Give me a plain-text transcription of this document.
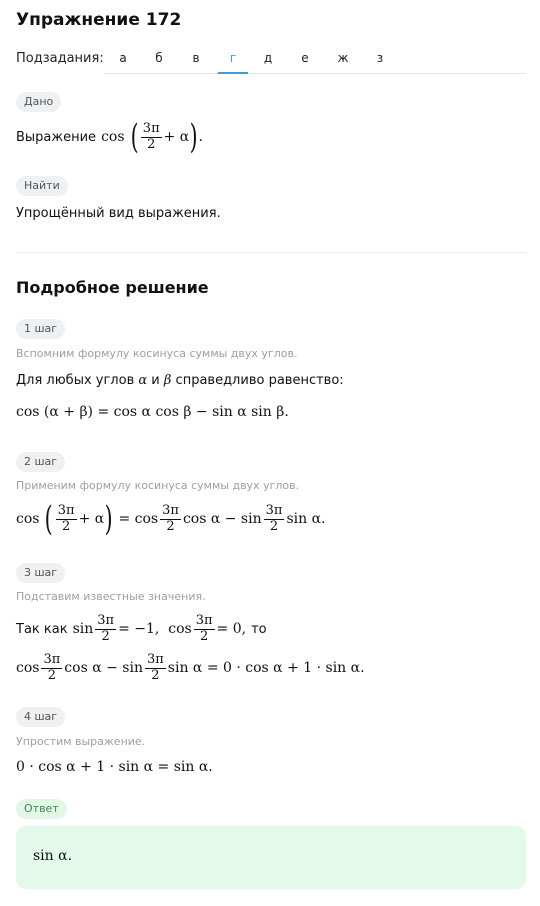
Упражнение 172
Подзадания:	а	б	в	г	д	е	ж	з
Дано
Выражение cos ( $\frac{3\pi}{2} + \alpha$ ) .
Найти
Упрощённый вид выражения.
Подробное решение
1 шаг
Вспомним формулу косинуса суммы двух углов.
Для любых углов α и β справедливо равенство:
cos (α + β) = cos α cos β − sin α sin β.
2 шаг
Применим формулу косинуса суммы двух углов.
cos ( $\frac{3\pi}{2} + \alpha$ ) = $\cos \frac{3\pi}{2}$ $\cos \alpha - \sin \frac{3\pi}{2}$ sin α.
3 шаг
Подставим известные значения.
Так как $\sin \frac{3\pi}{2} = -1$,  $\cos \frac{3\pi}{2} = 0$, то
$\cos \frac{3\pi}{2}$ $\cos \alpha - \sin \frac{3\pi}{2}$ sin α = 0 · cos α + 1 · sin α.
4 шаг
Упростим выражение.
0 · cos α + 1 · sin α = sin α.
Ответ
sin α.
